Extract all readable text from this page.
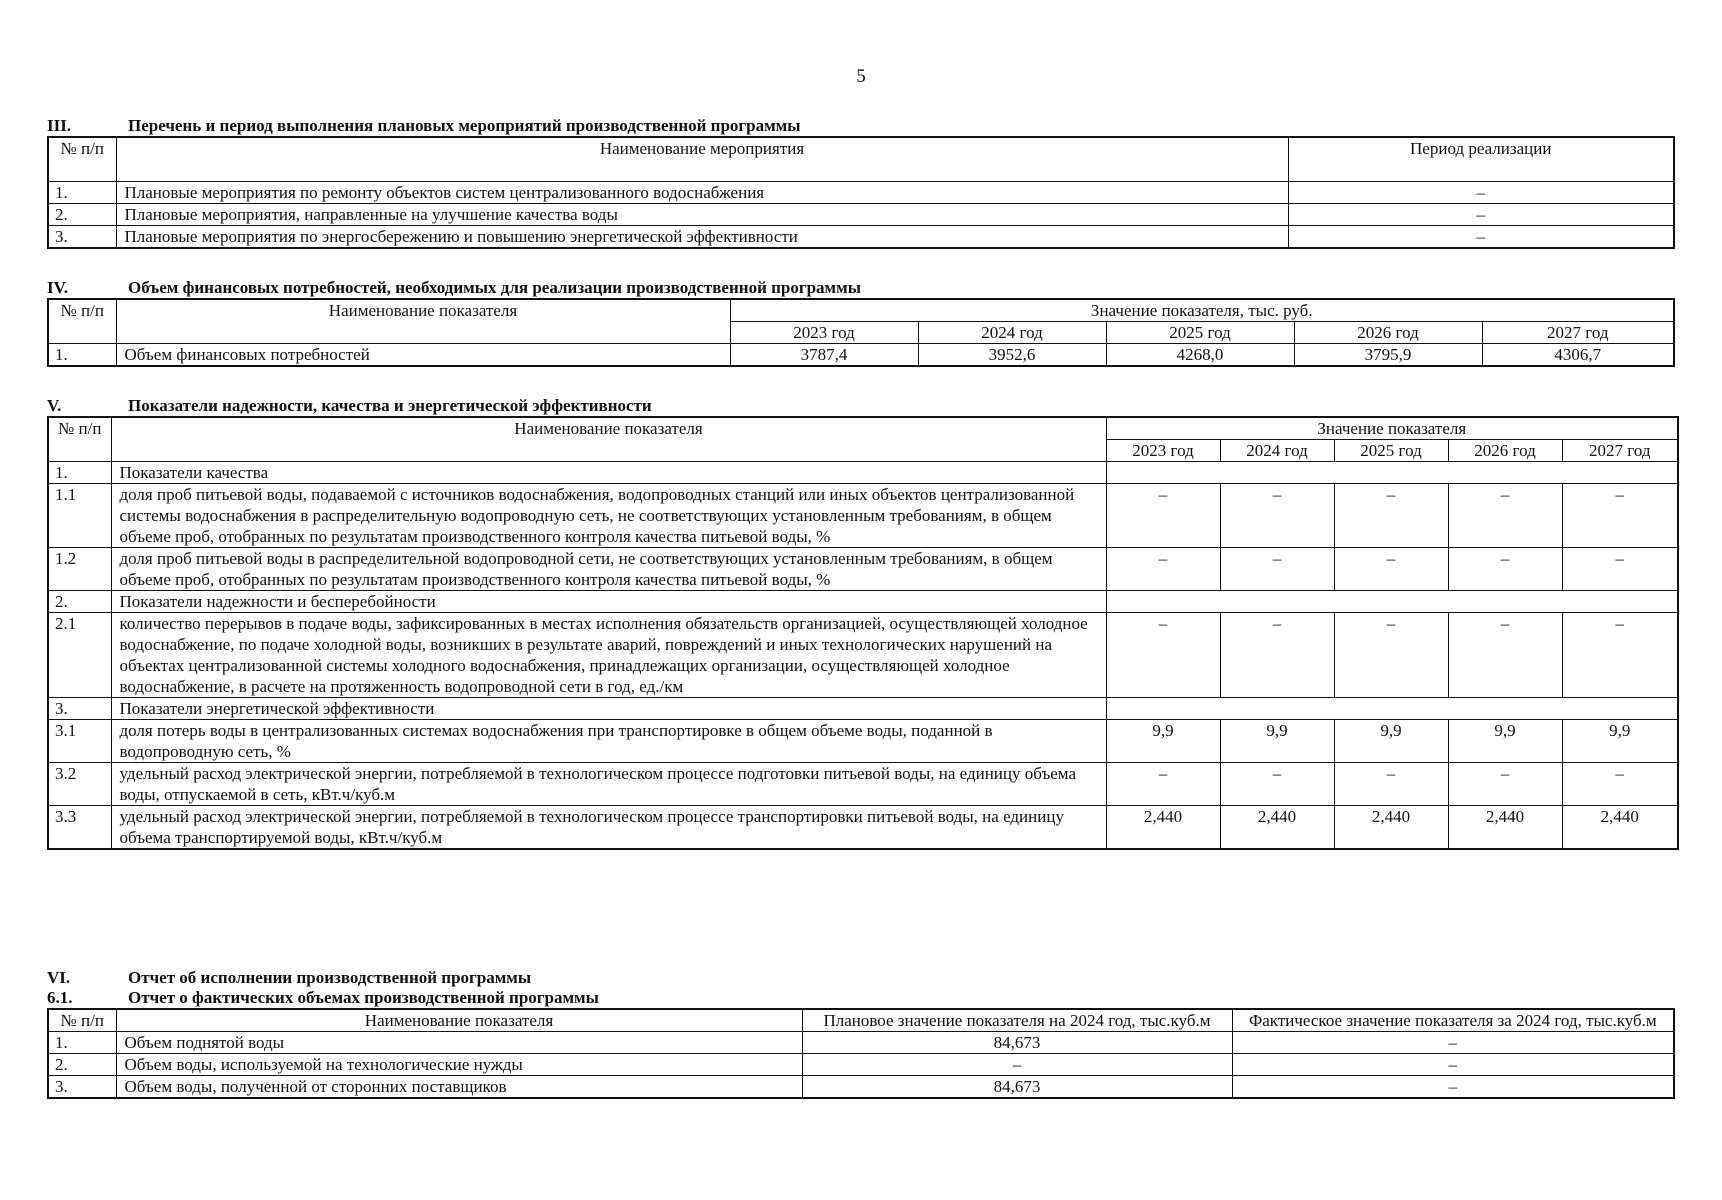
5
III.	Перечень и период выполнения плановых мероприятий производственной программы
№ п/п	Наименование мероприятия	Период реализации
1.	Плановые мероприятия по ремонту объектов систем централизованного водоснабжения	–
2.	Плановые мероприятия, направленные на улучшение качества воды	–
3.	Плановые мероприятия по энергосбережению и повышению энергетической эффективности	–
IV.	Объем финансовых потребностей, необходимых для реализации производственной программы
№ п/п	Наименование показателя	Значение показателя, тыс. руб.				
		2023 год	2024 год	2025 год	2026 год	2027 год
1.	Объем финансовых потребностей	3787,4	3952,6	4268,0	3795,9	4306,7
V.	Показатели надежности, качества и энергетической эффективности
№ п/п	Наименование показателя	Значение показателя				
		2023 год	2024 год	2025 год	2026 год	2027 год
1.	Показатели качества					
1.1	доля проб питьевой воды, подаваемой с источников водоснабжения, водопроводных станций или иных объектов централизованной системы водоснабжения в распределительную водопроводную сеть, не соответствующих установленным требованиям, в общем объеме проб, отобранных по результатам производственного контроля качества питьевой воды, %	–	–	–	–	–
1.2	доля проб питьевой воды в распределительной водопроводной сети, не соответствующих установленным требованиям, в общем объеме проб, отобранных по результатам производственного контроля качества питьевой воды, %	–	–	–	–	–
2.	Показатели надежности и бесперебойности					
2.1	количество перерывов в подаче воды, зафиксированных в местах исполнения обязательств организацией, осуществляющей холодное водоснабжение, по подаче холодной воды, возникших в результате аварий, повреждений и иных технологических нарушений на объектах централизованной системы холодного водоснабжения, принадлежащих организации, осуществляющей холодное водоснабжение, в расчете на протяженность водопроводной сети в год, ед./км	–	–	–	–	–
3.	Показатели энергетической эффективности					
3.1	доля потерь воды в централизованных системах водоснабжения при транспортировке в общем объеме воды, поданной в водопроводную сеть, %	9,9	9,9	9,9	9,9	9,9
3.2	удельный расход электрической энергии, потребляемой в технологическом процессе подготовки питьевой воды, на единицу объема воды, отпускаемой в сеть, кВт.ч/куб.м	–	–	–	–	–
3.3	удельный расход электрической энергии, потребляемой в технологическом процессе транспортировки питьевой воды, на единицу объема транспортируемой воды, кВт.ч/куб.м	2,440	2,440	2,440	2,440	2,440
VI.	Отчет об исполнении производственной программы
6.1.	Отчет о фактических объемах производственной программы
№ п/п	Наименование показателя	Плановое значение показателя на 2024 год, тыс.куб.м	Фактическое значение показателя за 2024 год, тыс.куб.м
1.	Объем поднятой воды	84,673	–
2.	Объем воды, используемой на технологические нужды	–	–
3.	Объем воды, полученной от сторонних поставщиков	84,673	–
